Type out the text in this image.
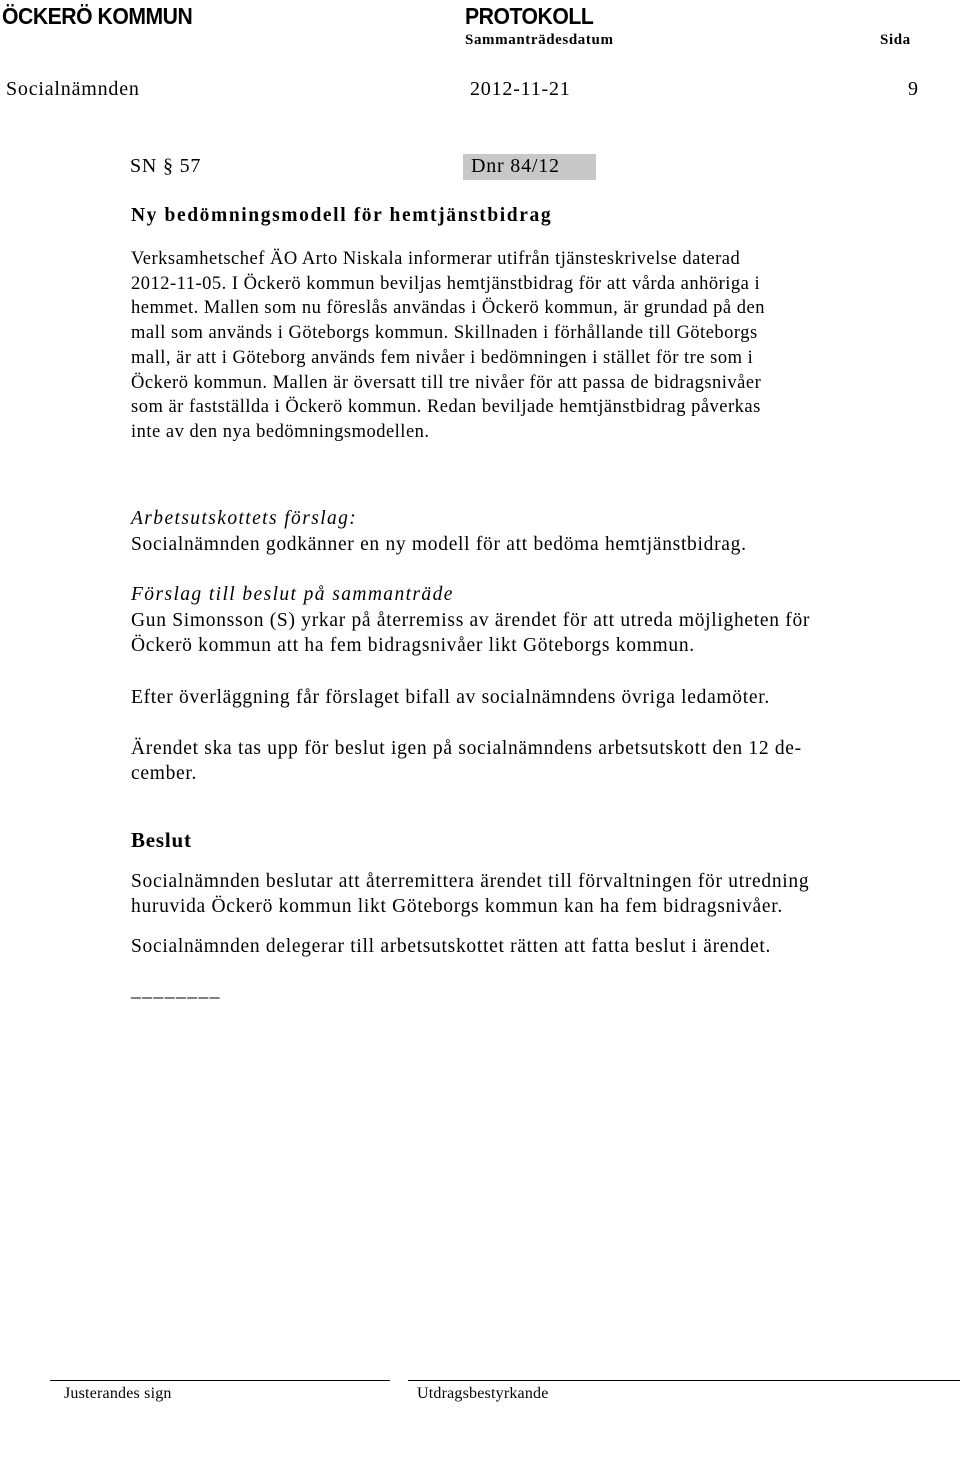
ÖCKERÖ KOMMUN	PROTOKOLL
Sammanträdesdatum	Sida
Socialnämnden	2012-11-21	9
SN § 57	Dnr 84/12
Ny bedömningsmodell för hemtjänstbidrag
Verksamhetschef ÄO Arto Niskala informerar utifrån tjänsteskrivelse daterad
2012-11-05. I Öckerö kommun beviljas hemtjänstbidrag för att vårda anhöriga i
hemmet. Mallen som nu föreslås användas i Öckerö kommun, är grundad på den
mall som används i Göteborgs kommun. Skillnaden i förhållande till Göteborgs
mall, är att i Göteborg används fem nivåer i bedömningen i stället för tre som i
Öckerö kommun. Mallen är översatt till tre nivåer för att passa de bidragsnivåer
som är fastställda i Öckerö kommun. Redan beviljade hemtjänstbidrag påverkas
inte av den nya bedömningsmodellen.
Arbetsutskottets förslag:
Socialnämnden godkänner en ny modell för att bedöma hemtjänstbidrag.
Förslag till beslut på sammanträde
Gun Simonsson (S) yrkar på återremiss av ärendet för att utreda möjligheten för
Öckerö kommun att ha fem bidragsnivåer likt Göteborgs kommun.
Efter överläggning får förslaget bifall av socialnämndens övriga ledamöter.
Ärendet ska tas upp för beslut igen på socialnämndens arbetsutskott den 12 de-
cember.
Beslut
Socialnämnden beslutar att återremittera ärendet till förvaltningen för utredning
huruvida Öckerö kommun likt Göteborgs kommun kan ha fem bidragsnivåer.
Socialnämnden delegerar till arbetsutskottet rätten att fatta beslut i ärendet.
________
Justerandes sign	Utdragsbestyrkande
